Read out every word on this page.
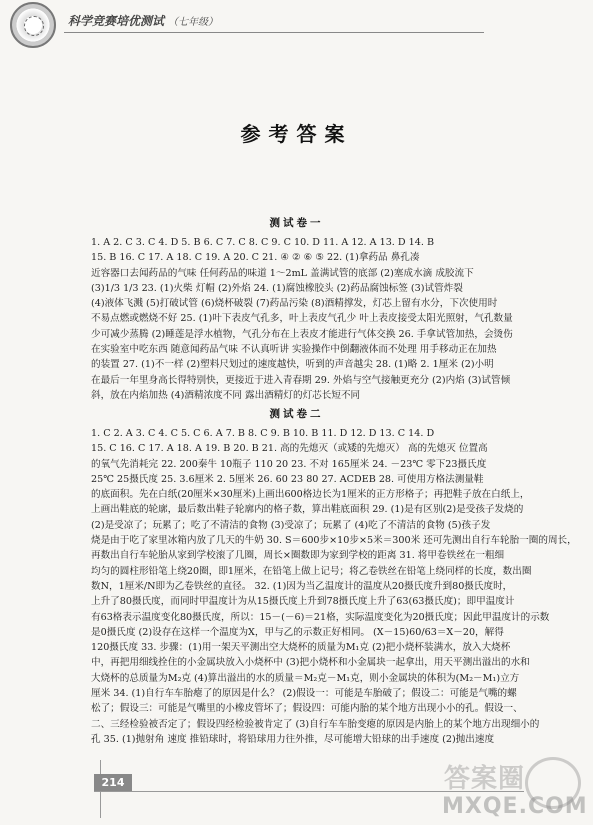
科学竞赛培优测试 （七年级）
参考答案
测试卷一
1. A 2. C 3. C 4. D 5. B 6. C 7. C 8. C 9. C 10. D 11. A 12. A 13. D 14. B
15. B 16. C 17. A 18. C 19. A 20. C 21. ④ ② ⑥ ⑤ 22. (1)拿药品 鼻孔凑
近容器口去闻药品的气味 任何药品的味道 1～2mL 盖满试管的底部 (2)塞成水滴 成胶流下
(3)1/3 1/3 23. (1)火柴 灯帽 (2)外焰 24. (1)腐蚀橡胶头 (2)药品腐蚀标签 (3)试管炸裂
(4)液体飞溅 (5)打破试管 (6)烧杯破裂 (7)药品污染 (8)酒精撑发，灯芯上留有水分，下次使用时
不易点燃或燃烧不好 25. (1)叶下表皮气孔多，叶上表皮气孔少 叶上表皮接受太阳光照射，气孔数量
少可减少蒸腾 (2)睡莲是浮水植物，气孔分布在上表皮才能进行气体交换 26. 手拿试管加热，会烫伤
在实验室中吃东西 随意闻药品气味 不认真听讲 实验操作中倒翻液体而不处理 用手移动正在加热
的装置 27. (1)不一样 (2)塑料尺划过的速度越快，听到的声音越尖 28. (1)略 2. 1厘米 (2)小明
在最后一年里身高长得特别快，更接近于进入青春期 29. 外焰与空气接触更充分 (2)内焰 (3)试管倾
斜，放在内焰加热 (4)酒精浓度不同 露出酒精灯的灯芯长短不同
测试卷二
1. C 2. A 3. C 4. C 5. C 6. A 7. B 8. C 9. B 10. B 11. D 12. D 13. C 14. D
15. C 16. C 17. A 18. A 19. B 20. B 21. 高的先熄灭（或矮的先熄灭） 高的先熄灭 位置高
的氧气先消耗完 22. 200秦牛 10瓶子 110 20 23. 不对 165厘米 24. －23℃ 零下23摄氏度
25℃ 25摄氏度 25. 3.6厘米 2. 5厘米 26. 60 23 80 27. ACDEB 28. 可使用方格法测量鞋
的底面积。先在白纸(20厘米×30厘米)上画出600格边长为1厘米的正方形格子；再把鞋子放在白纸上，
上画出鞋底的轮廓，最后数出鞋子轮廓内的格子数，算出鞋底面积 29. (1)是有区别(2)是受孩子发烧的
(2)是受凉了；玩累了；吃了不清洁的食物 (3)受凉了；玩累了 (4)吃了不清洁的食物 (5)孩子发
烧是由于吃了家里冰箱内放了几天的牛奶 30. S＝600步×10步×5米＝300米 还可先测出自行车轮胎一圈的周长，
再数出自行车轮胎从家到学校滚了几圈，周长×圈数即为家到学校的距离 31. 将甲卷铁丝在一粗细
均匀的圆柱形铅笔上绕20圈，即1厘米，在铅笔上做上记号；将乙卷铁丝在铅笔上绕同样的长度，数出圈
数N，1厘米/N即为乙卷铁丝的直径。 32. (1)因为当乙温度计的温度从20摄氏度升到80摄氏度时，
上升了80摄氏度，而同时甲温度计为从15摄氏度上升到78摄氏度上升了63(63摄氏度)；即甲温度计
有63格表示温度变化80摄氏度，所以：15－(－6)＝21格，实际温度变化为20摄氏度；因此甲温度计的示数
是0摄氏度 (2)设存在这样一个温度为X，甲与乙的示数正好相同。 (X－15)60/63＝X－20，解得
120摄氏度 33. 步骤：(1)用一架天平测出空大烧杯的质量为M₁克 (2)把小烧杯装满水，放入大烧杯
中，再把用细线拴住的小金属块放入小烧杯中 (3)把小烧杯和小金属块一起拿出，用天平测出溢出的水和
大烧杯的总质量为M₂克 (4)算出溢出的水的质量＝M₂克－M₁克，则小金属块的体积为(M₂－M₁)立方
厘米 34. (1)自行车车胎瘪了的原因是什么？ (2)假设一：可能是车胎破了；假设二：可能是气嘴的螺
松了；假设三：可能是气嘴里的小橡皮管坏了；假设四：可能内胎的某个地方出现小小的孔。假设一、
二、三经检验被否定了；假设四经检验被肯定了 (3)自行车车胎变瘪的原因是内胎上的某个地方出现细小的
孔 35. (1)抛射角 速度 推铅球时，将铅球用力往外推，尽可能增大铅球的出手速度 (2)抛出速度
214	答案圈
MXQE.COM
